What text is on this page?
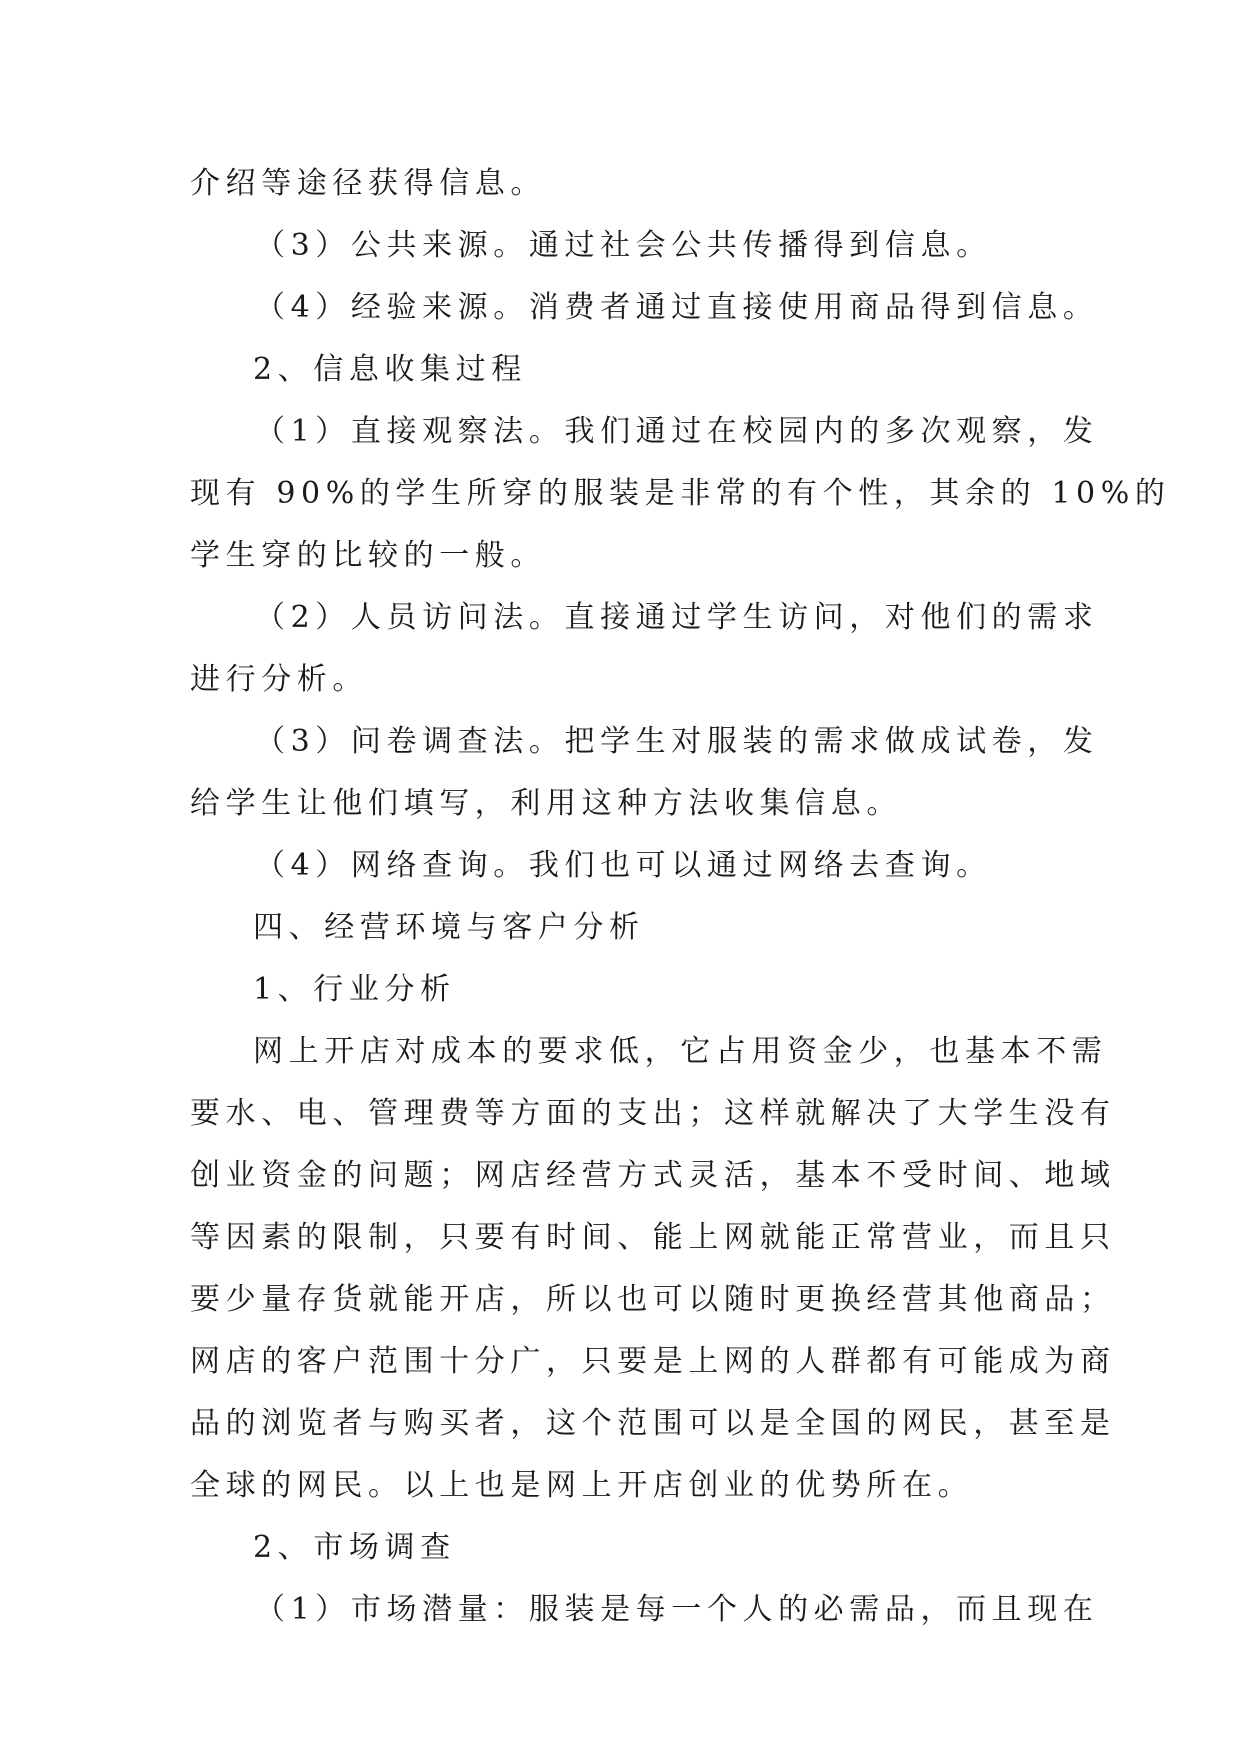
介绍等途径获得信息。
（3）公共来源。通过社会公共传播得到信息。
（4）经验来源。消费者通过直接使用商品得到信息。
2、信息收集过程
（1）直接观察法。我们通过在校园内的多次观察，发
现有 90%的学生所穿的服装是非常的有个性，其余的 10%的
学生穿的比较的一般。
（2）人员访问法。直接通过学生访问，对他们的需求
进行分析。
（3）问卷调查法。把学生对服装的需求做成试卷，发
给学生让他们填写，利用这种方法收集信息。
（4）网络查询。我们也可以通过网络去查询。
四、经营环境与客户分析
1、行业分析
网上开店对成本的要求低，它占用资金少，也基本不需
要水、电、管理费等方面的支出；这样就解决了大学生没有
创业资金的问题；网店经营方式灵活，基本不受时间、地域
等因素的限制，只要有时间、能上网就能正常营业，而且只
要少量存货就能开店，所以也可以随时更换经营其他商品；
网店的客户范围十分广，只要是上网的人群都有可能成为商
品的浏览者与购买者，这个范围可以是全国的网民，甚至是
全球的网民。以上也是网上开店创业的优势所在。
2、市场调查
（1）市场潜量：服装是每一个人的必需品，而且现在
